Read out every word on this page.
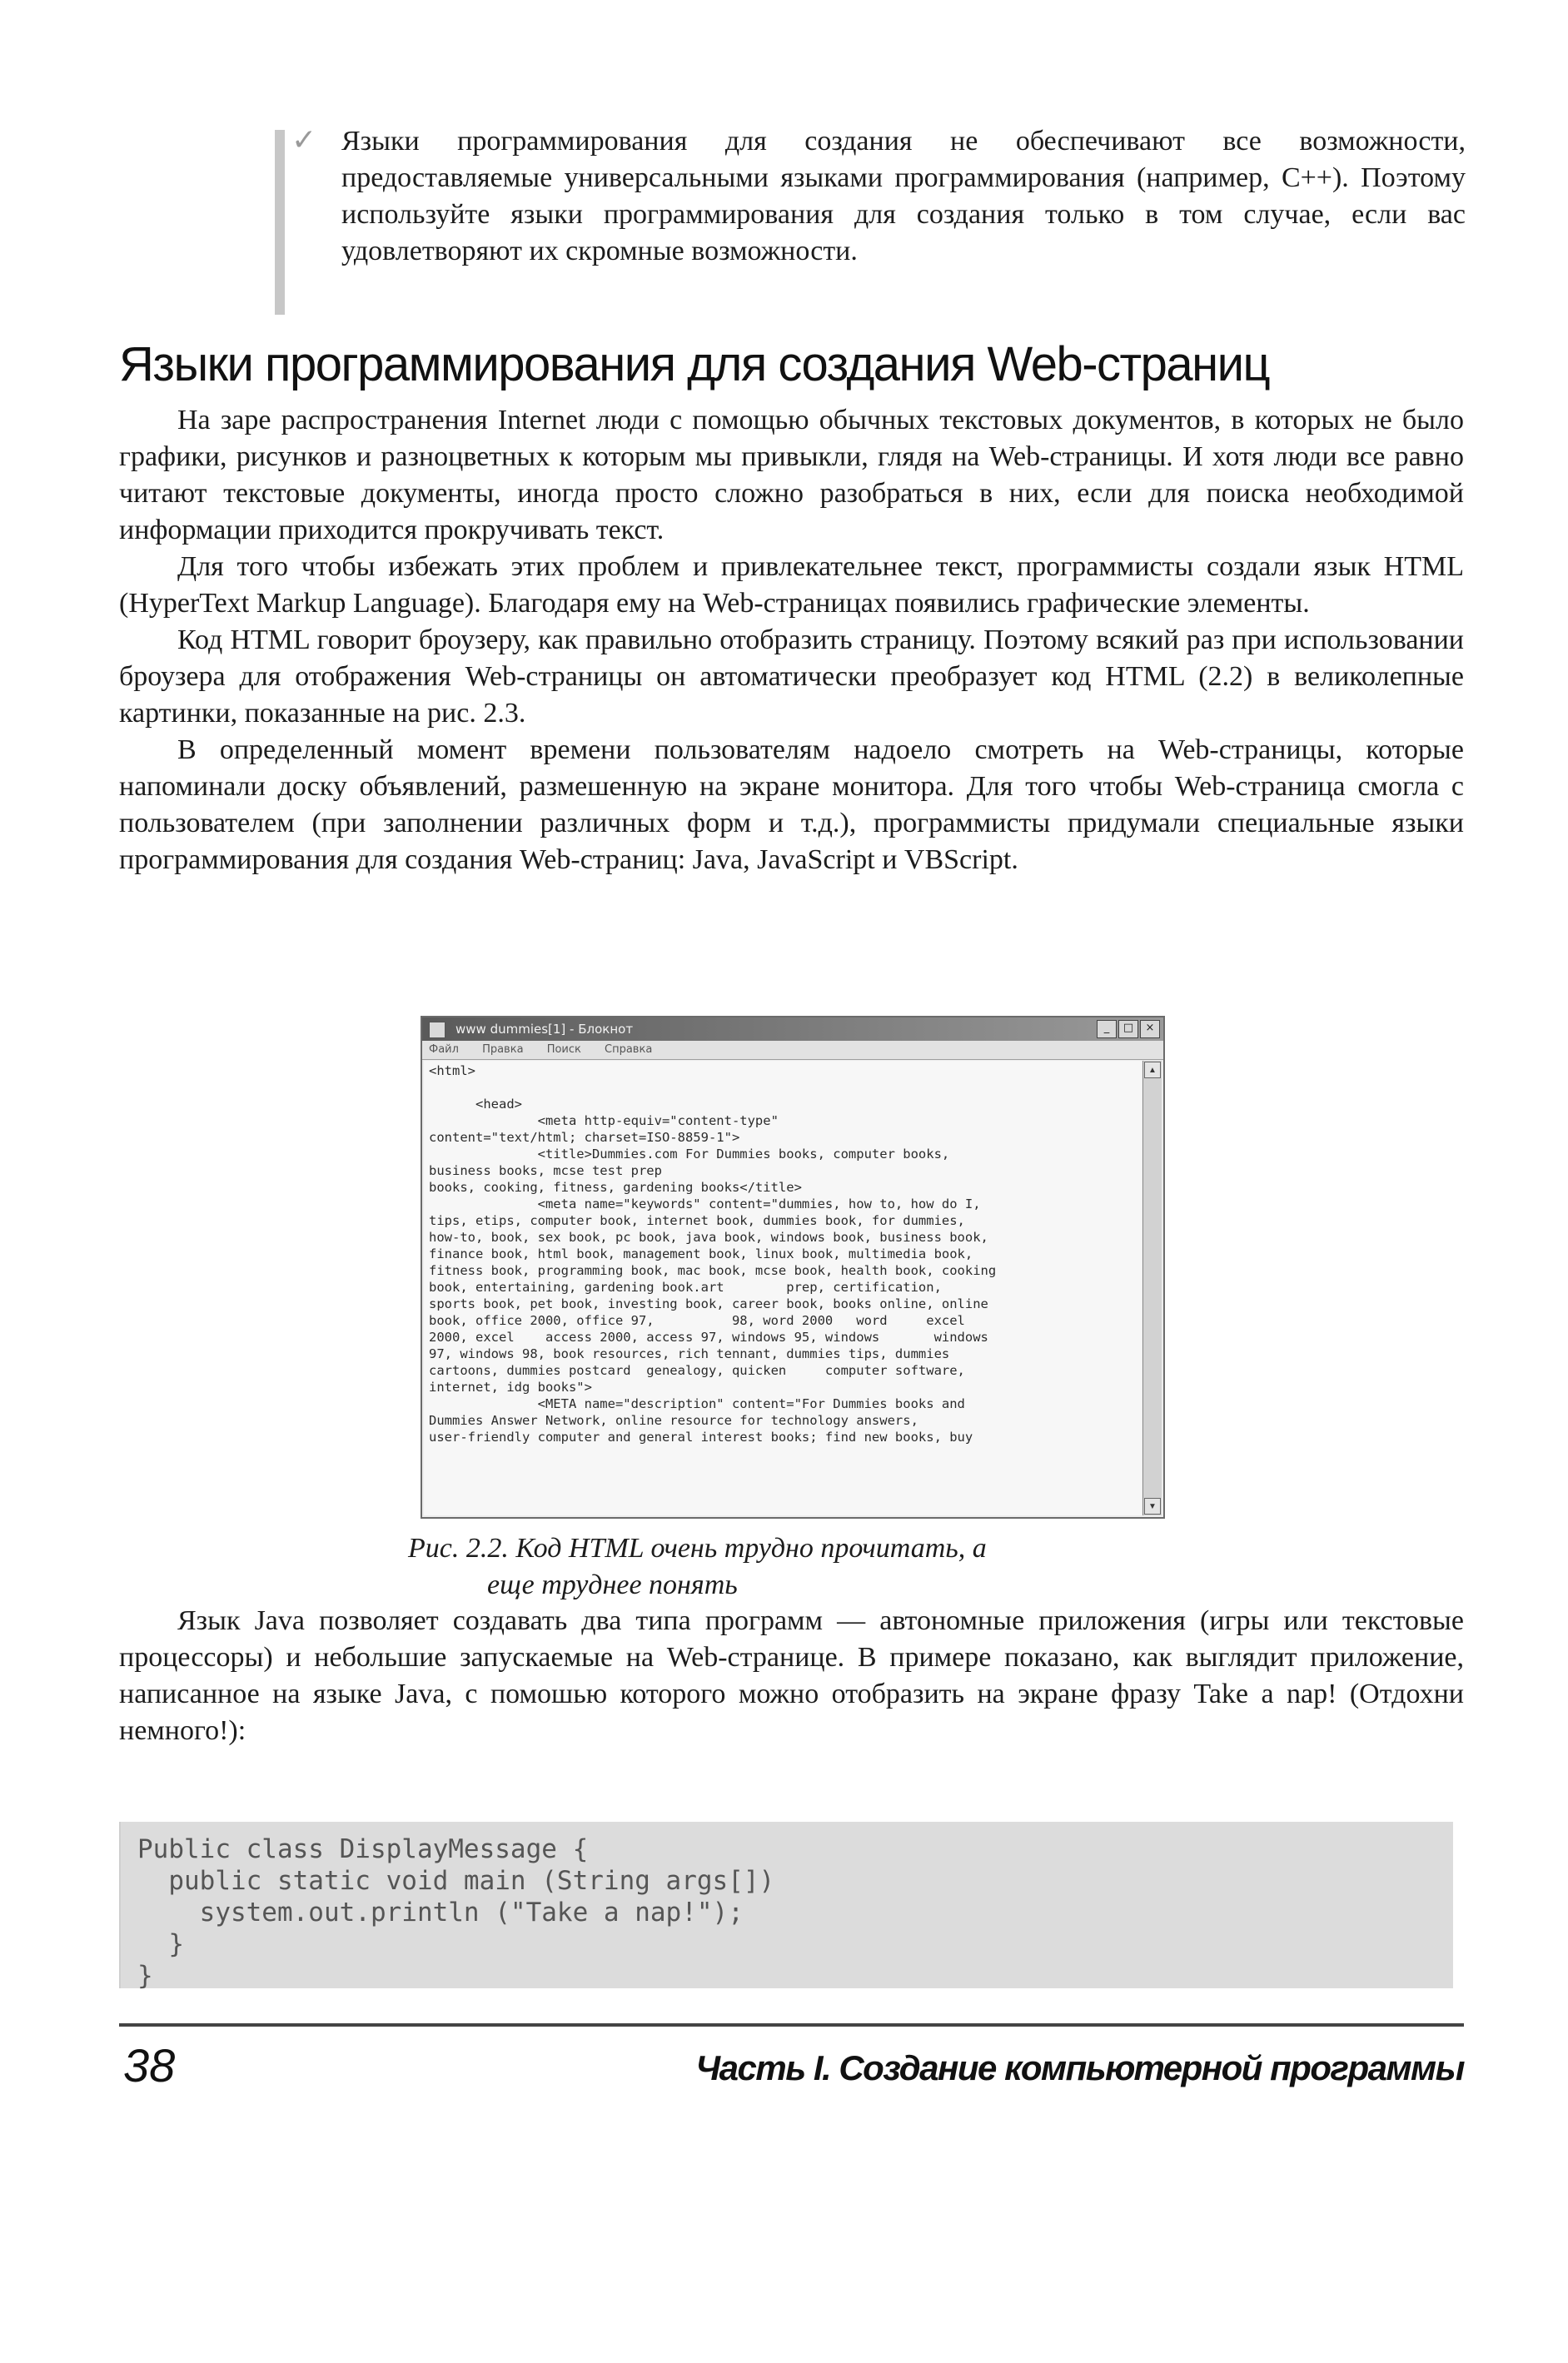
✓ Языки программирования для создания не обеспечивают все возможности, предоставляемые универсальными языками программирования (например, C++). Поэтому используйте языки программирования для создания только в том случае, если вас удовлетворяют их скромные возможности.

Языки программирования для создания Web-страниц

На заре распространения Internet люди с помощью обычных текстовых документов, в которых не было графики, рисунков и разноцветных к которым мы привыкли, глядя на Web-страницы. И хотя люди все равно читают текстовые документы, иногда просто сложно разобраться в них, если для поиска необходимой информации приходится прокручивать текст.

Для того чтобы избежать этих проблем и привлекательнее текст, программисты создали язык HTML (HyperText Markup Language). Благодаря ему на Web-страницах появились графические элементы.

Код HTML говорит броузеру, как правильно отобразить страницу. Поэтому всякий раз при использовании броузера для отображения Web-страницы он автоматически преобразует код HTML (2.2) в великолепные картинки, показанные на рис. 2.3.

В определенный момент времени пользователям надоело смотреть на Web-страницы, которые напоминали доску объявлений, размешенную на экране монитора. Для того чтобы Web-страница смогла с пользователем (при заполнении различных форм и т.д.), программисты придумали специальные языки программирования для создания Web-страниц: Java, JavaScript и VBScript.

www dummies[1] - Блокнот	_	□	×
Файл Правка Поиск Справка
<html>

<head>
<meta http-equiv="content-type"
content="text/html; charset=ISO-8859-1">
<title>Dummies.com For Dummies books, computer books,
business books, mcse test prep
books, cooking, fitness, gardening books</title>
<meta name="keywords" content="dummies, how to, how do I,
tips, etips, computer book, internet book, dummies book, for dummies,
how-to, book, sex book, pc book, java book, windows book, business book,
finance book, html book, management book, linux book, multimedia book,
fitness book, programming book, mac book, mcse book, health book, cooking
book, entertaining, gardening book.art        prep, certification,
sports book, pet book, investing book, career book, books online, online
book, office 2000, office 97,          98, word 2000   word     excel
2000, excel    access 2000, access 97, windows 95, windows       windows
97, windows 98, book resources, rich tennant, dummies tips, dummies
cartoons, dummies postcard  genealogy, quicken     computer software,
internet, idg books">
<META name="description" content="For Dummies books and
Dummies Answer Network, online resource for technology answers,
user-friendly computer and general interest books; find new books, buy
▲
▼
Рис. 2.2. Код HTML очень трудно прочитать, а
еще труднее понять

Язык Java позволяет создавать два типа программ — автономные приложения (игры или текстовые процессоры) и небольшие запускаемые на Web-странице. В примере показано, как выглядит приложение, написанное на языке Java, с помошью которого можно отобразить на экране фразу Take a nap! (Отдохни немного!):

Public class DisplayMessage {
public static void main (String args[])
system.out.println ("Take a nap!");
}
}
38	Часть I. Создание компьютерной программы
